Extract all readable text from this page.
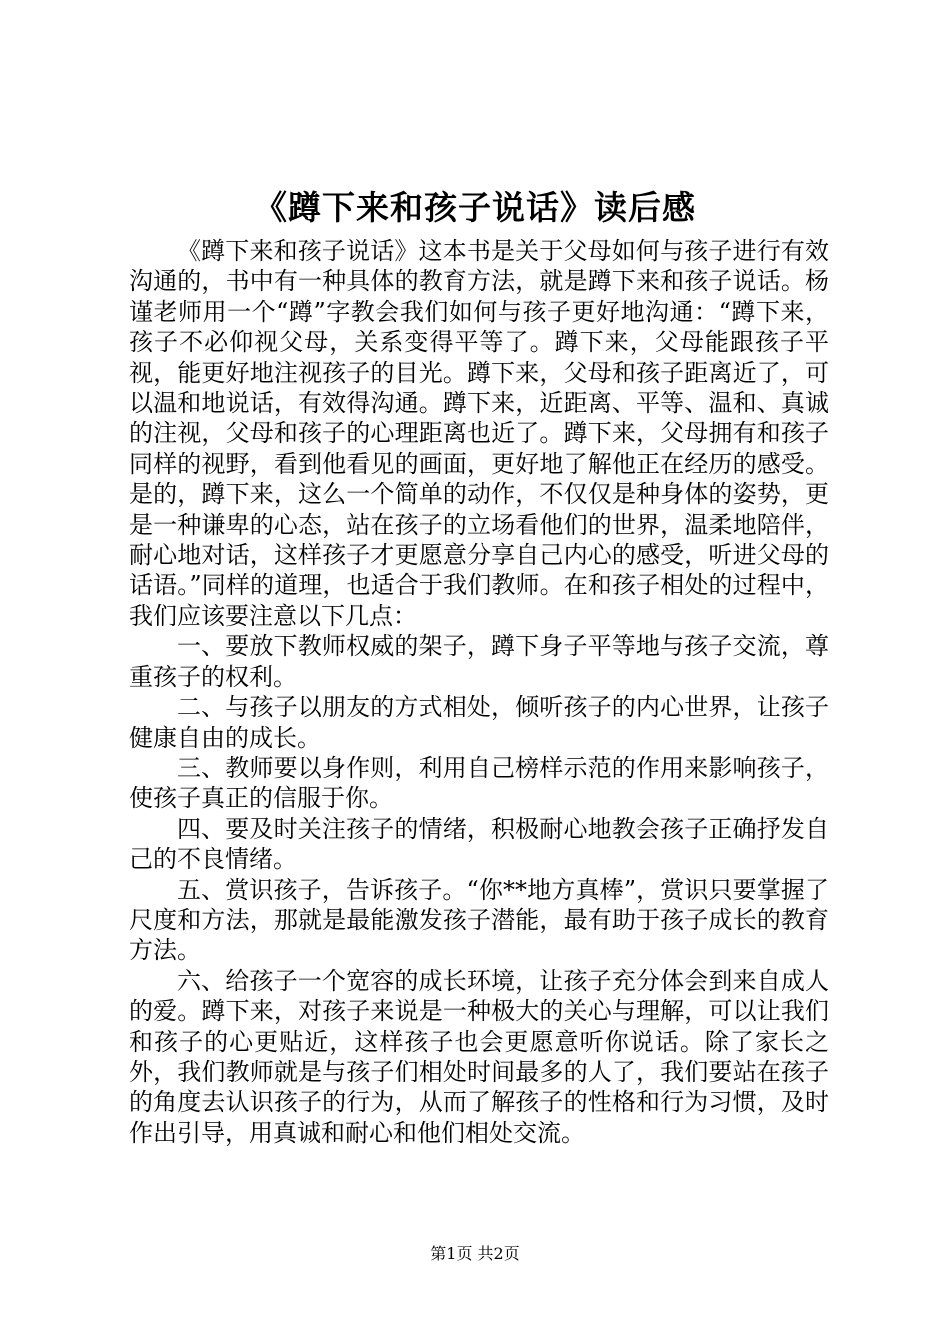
《蹲下来和孩子说话》读后感

《蹲下来和孩子说话》这本书是关于父母如何与孩子进行有效沟通的，书中有一种具体的教育方法，就是蹲下来和孩子说话。杨谨老师用一个“蹲”字教会我们如何与孩子更好地沟通：“蹲下来，孩子不必仰视父母，关系变得平等了。蹲下来，父母能跟孩子平视，能更好地注视孩子的目光。蹲下来，父母和孩子距离近了，可以温和地说话，有效得沟通。蹲下来，近距离、平等、温和、真诚的注视，父母和孩子的心理距离也近了。蹲下来，父母拥有和孩子同样的视野，看到他看见的画面，更好地了解他正在经历的感受。是的，蹲下来，这么一个简单的动作，不仅仅是种身体的姿势，更是一种谦卑的心态，站在孩子的立场看他们的世界，温柔地陪伴，耐心地对话，这样孩子才更愿意分享自己内心的感受，听进父母的话语。”同样的道理，也适合于我们教师。在和孩子相处的过程中，我们应该要注意以下几点：

一、要放下教师权威的架子，蹲下身子平等地与孩子交流，尊重孩子的权利。

二、与孩子以朋友的方式相处，倾听孩子的内心世界，让孩子健康自由的成长。

三、教师要以身作则，利用自己榜样示范的作用来影响孩子，使孩子真正的信服于你。

四、要及时关注孩子的情绪，积极耐心地教会孩子正确抒发自己的不良情绪。

五、赏识孩子，告诉孩子。“你**地方真棒”，赏识只要掌握了尺度和方法，那就是最能激发孩子潜能，最有助于孩子成长的教育方法。

六、给孩子一个宽容的成长环境，让孩子充分体会到来自成人的爱。蹲下来，对孩子来说是一种极大的关心与理解，可以让我们和孩子的心更贴近，这样孩子也会更愿意听你说话。除了家长之外，我们教师就是与孩子们相处时间最多的人了，我们要站在孩子的角度去认识孩子的行为，从而了解孩子的性格和行为习惯，及时作出引导，用真诚和耐心和他们相处交流。

第1页 共2页
